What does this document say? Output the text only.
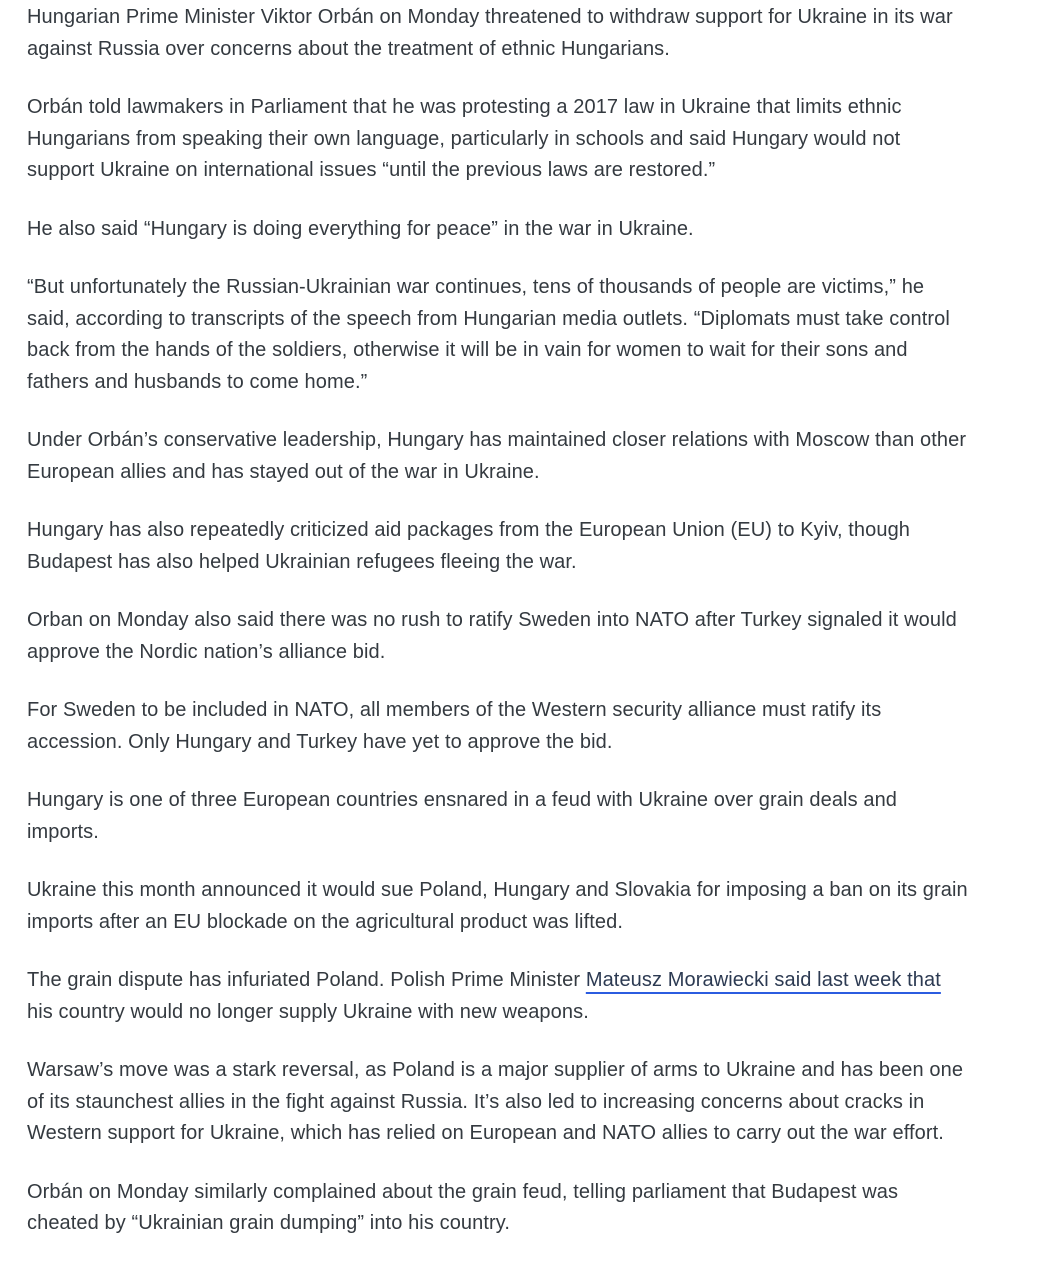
Hungarian Prime Minister Viktor Orbán on Monday threatened to withdraw support for Ukraine in its war against Russia over concerns about the treatment of ethnic Hungarians.

Orbán told lawmakers in Parliament that he was protesting a 2017 law in Ukraine that limits ethnic Hungarians from speaking their own language, particularly in schools and said Hungary would not support Ukraine on international issues “until the previous laws are restored.”

He also said “Hungary is doing everything for peace” in the war in Ukraine.

“But unfortunately the Russian-Ukrainian war continues, tens of thousands of people are victims,” he said, according to transcripts of the speech from Hungarian media outlets. “Diplomats must take control back from the hands of the soldiers, otherwise it will be in vain for women to wait for their sons and fathers and husbands to come home.”

Under Orbán’s conservative leadership, Hungary has maintained closer relations with Moscow than other European allies and has stayed out of the war in Ukraine.

Hungary has also repeatedly criticized aid packages from the European Union (EU) to Kyiv, though Budapest has also helped Ukrainian refugees fleeing the war.

Orban on Monday also said there was no rush to ratify Sweden into NATO after Turkey signaled it would approve the Nordic nation’s alliance bid.

For Sweden to be included in NATO, all members of the Western security alliance must ratify its accession. Only Hungary and Turkey have yet to approve the bid.

Hungary is one of three European countries ensnared in a feud with Ukraine over grain deals and imports.

Ukraine this month announced it would sue Poland, Hungary and Slovakia for imposing a ban on its grain imports after an EU blockade on the agricultural product was lifted.

The grain dispute has infuriated Poland. Polish Prime Minister Mateusz Morawiecki said last week that his country would no longer supply Ukraine with new weapons.

Warsaw’s move was a stark reversal, as Poland is a major supplier of arms to Ukraine and has been one of its staunchest allies in the fight against Russia. It’s also led to increasing concerns about cracks in Western support for Ukraine, which has relied on European and NATO allies to carry out the war effort.

Orbán on Monday similarly complained about the grain feud, telling parliament that Budapest was cheated by “Ukrainian grain dumping” into his country.
